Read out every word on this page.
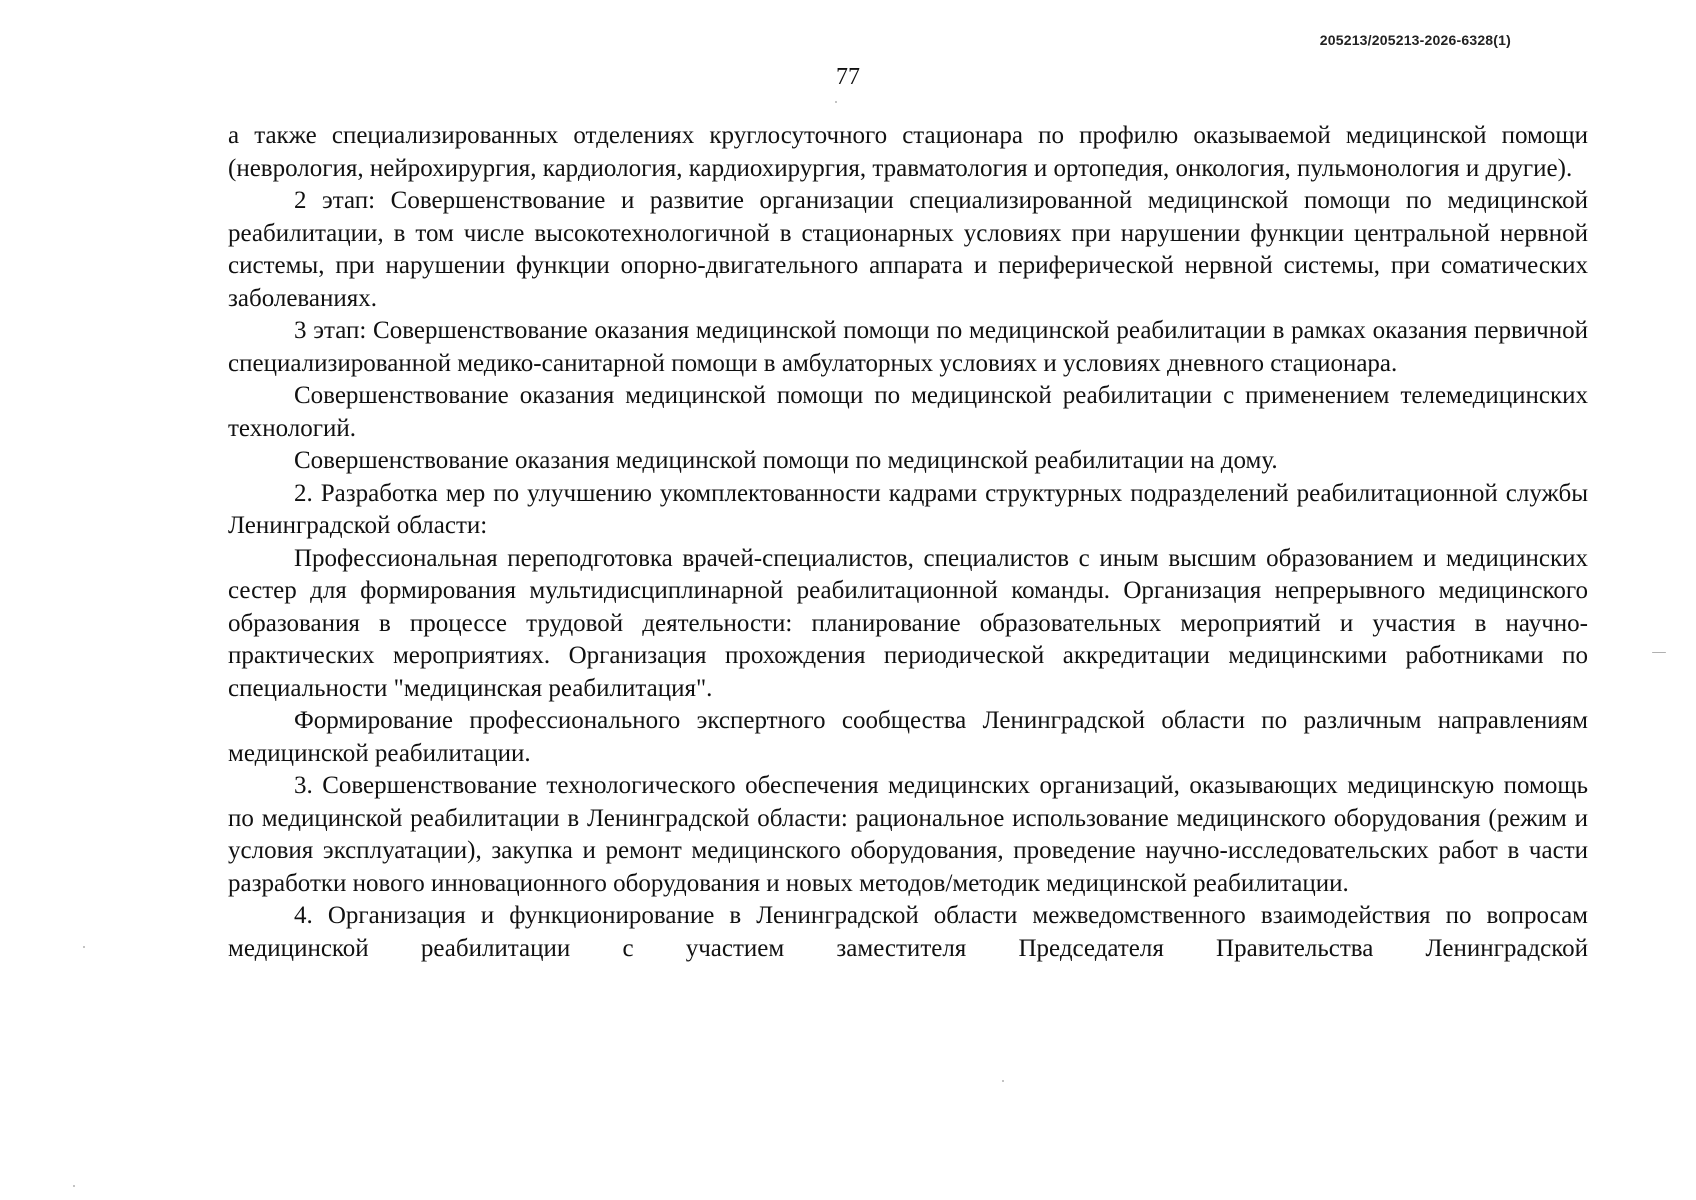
205213/205213-2026-6328(1)
77

а также специализированных отделениях круглосуточного стационара по профилю оказываемой медицинской помощи (неврология, нейрохирургия, кардиология, кардиохирургия, травматология и ортопедия, онкология, пульмонология и другие).

2 этап: Совершенствование и развитие организации специализированной медицинской помощи по медицинской реабилитации, в том числе высокотехнологичной в стационарных условиях при нарушении функции центральной нервной системы, при нарушении функции опорно-двигательного аппарата и периферической нервной системы, при соматических заболеваниях.

3 этап: Совершенствование оказания медицинской помощи по медицинской реабилитации в рамках оказания первичной специализированной медико-санитарной помощи в амбулаторных условиях и условиях дневного стационара.

Совершенствование оказания медицинской помощи по медицинской реабилитации с применением телемедицинских технологий.

Совершенствование оказания медицинской помощи по медицинской реабилитации на дому.

2. Разработка мер по улучшению укомплектованности кадрами структурных подразделений реабилитационной службы Ленинградской области:

Профессиональная переподготовка врачей-специалистов, специалистов с иным высшим образованием и медицинских сестер для формирования мультидисциплинарной реабилитационной команды. Организация непрерывного медицинского образования в процессе трудовой деятельности: планирование образовательных мероприятий и участия в научно-практических мероприятиях. Организация прохождения периодической аккредитации медицинскими работниками по специальности "медицинская реабилитация".

Формирование профессионального экспертного сообщества Ленинградской области по различным направлениям медицинской реабилитации.

3. Совершенствование технологического обеспечения медицинских организаций, оказывающих медицинскую помощь по медицинской реабилитации в Ленинградской области: рациональное использование медицинского оборудования (режим и условия эксплуатации), закупка и ремонт медицинского оборудования, проведение научно-исследовательских работ в части разработки нового инновационного оборудования и новых методов/методик медицинской реабилитации.

4. Организация и функционирование в Ленинградской области межведомственного взаимодействия по вопросам медицинской реабилитации с участием заместителя Председателя Правительства Ленинградской
